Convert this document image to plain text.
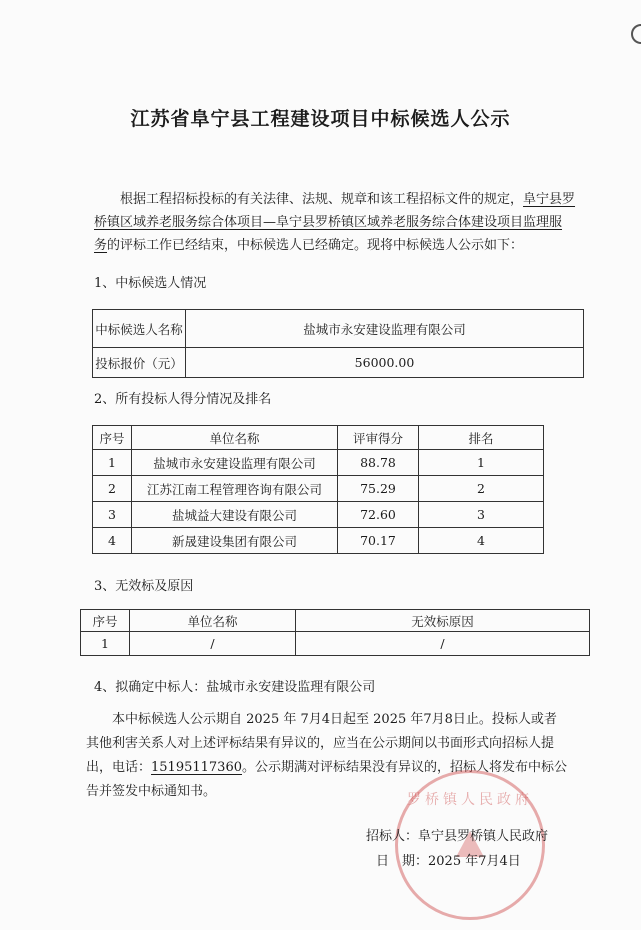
江苏省阜宁县工程建设项目中标候选人公示
根据工程招标投标的有关法律、法规、规章和该工程招标文件的规定，阜宁县罗
桥镇区域养老服务综合体项目—阜宁县罗桥镇区域养老服务综合体建设项目监理服
务的评标工作已经结束，中标候选人已经确定。现将中标候选人公示如下：
1、中标候选人情况
中标候选人名称	盐城市永安建设监理有限公司
投标报价（元）	56000.00
2、所有投标人得分情况及排名
序号	单位名称	评审得分	排名
1	盐城市永安建设监理有限公司	88.78	1
2	江苏江南工程管理咨询有限公司	75.29	2
3	盐城益大建设有限公司	72.60	3
4	新晟建设集团有限公司	70.17	4
3、无效标及原因
序号	单位名称	无效标原因
1	/	/
4、拟确定中标人：盐城市永安建设监理有限公司
本中标候选人公示期自 2025 年 7月4日起至 2025 年7月8日止。投标人或者
其他利害关系人对上述评标结果有异议的，应当在公示期间以书面形式向招标人提
出，电话：15195117360。公示期满对评标结果没有异议的，招标人将发布中标公
告并签发中标通知书。
罗桥镇人民政府
招标人：阜宁县罗桥镇人民政府
日　期：2025 年7月4日
